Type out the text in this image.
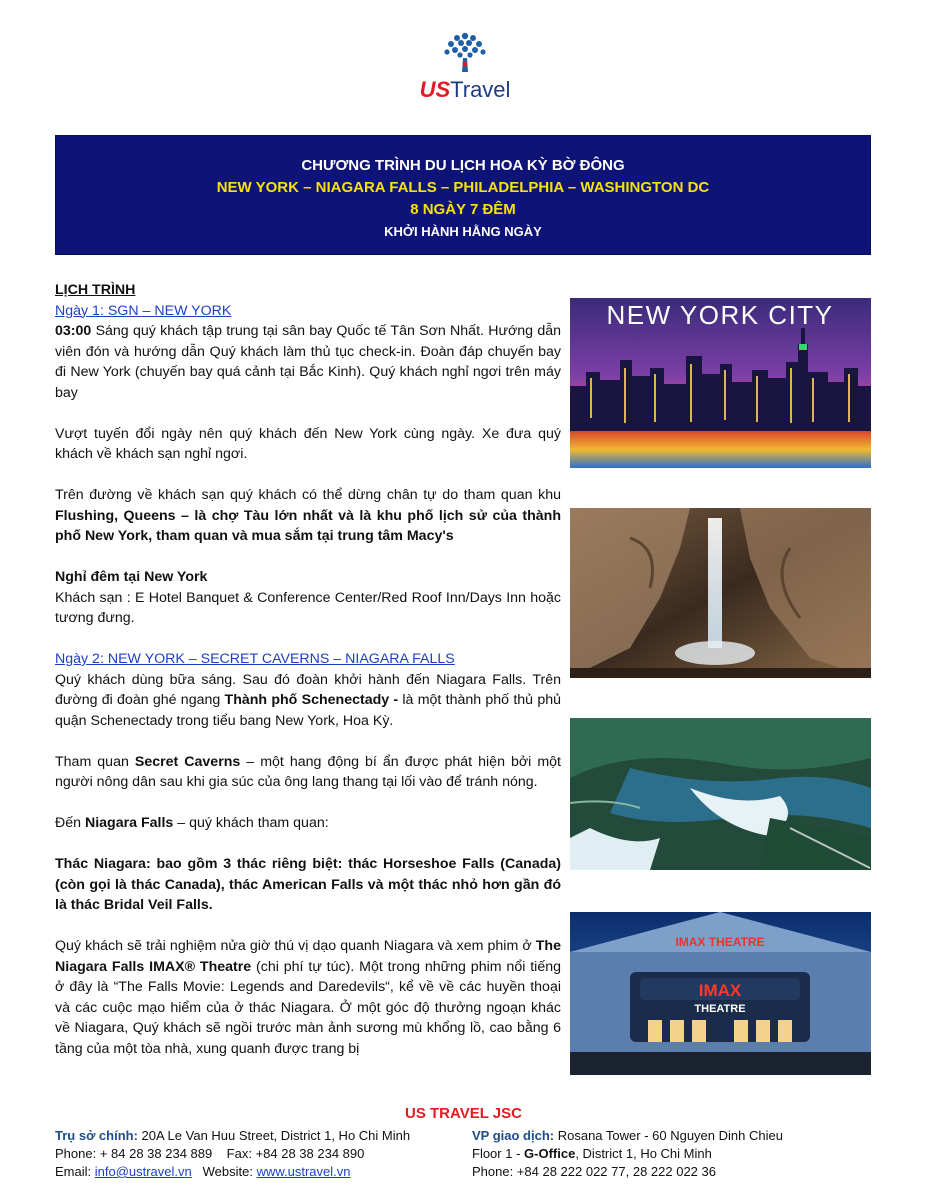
USTravel
CHƯƠNG TRÌNH DU LỊCH HOA KỲ BỜ ĐÔNG
NEW YORK – NIAGARA FALLS – PHILADELPHIA – WASHINGTON DC
8 NGÀY 7 ĐÊM
KHỞI HÀNH HẰNG NGÀY

LỊCH TRÌNH

Ngày 1: SGN – NEW YORK

03:00 Sáng quý khách tập trung tại sân bay Quốc tế Tân Sơn Nhất. Hướng dẫn viên đón và hướng dẫn Quý khách làm thủ tục check-in. Đoàn đáp chuyến bay đi New York (chuyến bay quá cảnh tại Bắc Kinh). Quý khách nghỉ ngơi trên máy bay

Vượt tuyến đổi ngày nên quý khách đến New York cùng ngày. Xe đưa quý khách về khách sạn nghỉ ngơi.

Trên đường về khách sạn quý khách có thể dừng chân tự do tham quan khu Flushing, Queens – là chợ Tàu lớn nhất và là khu phố lịch sử của thành phố New York, tham quan và mua sắm tại trung tâm Macy's

Nghỉ đêm tại New York

Khách sạn : E Hotel Banquet & Conference Center/Red Roof Inn/Days Inn hoặc tương đưng.

Ngày 2: NEW YORK – SECRET CAVERNS – NIAGARA FALLS

Quý khách dùng bữa sáng. Sau đó đoàn khởi hành đến Niagara Falls. Trên đường đi đoàn ghé ngang Thành phố Schenectady - là một thành phố thủ phủ quận Schenectady trong tiểu bang New York, Hoa Kỳ.

Tham quan Secret Caverns – một hang động bí ẩn được phát hiện bởi một người nông dân sau khi gia súc của ông lang thang tại lối vào để tránh nóng.

Đến Niagara Falls – quý khách tham quan:

Thác Niagara: bao gồm 3 thác riêng biệt: thác Horseshoe Falls (Canada) (còn gọi là thác Canada), thác American Falls và một thác nhỏ hơn gần đó là thác Bridal Veil Falls.

Quý khách sẽ trải nghiệm nửa giờ thú vị dạo quanh Niagara và xem phim ở The Niagara Falls IMAX® Theatre (chi phí tự túc). Một trong những phim nổi tiếng ở đây là “The Falls Movie: Legends and Daredevils“, kể về về các huyền thoại và các cuộc mạo hiểm của ở thác Niagara. Ở một góc độ thưởng ngoạn khác về Niagara, Quý khách sẽ ngồi trước màn ảnh sương mù khổng lồ, cao bằng 6 tầng của một tòa nhà, xung quanh được trang bị

NEW YORK CITY
IMAX THEATRE
IMAX
THEATRE
US TRAVEL JSC
Trụ sở chính: 20A Le Van Huu Street, District 1, Ho Chi Minh
Phone: + 84 28 38 234 889    Fax: +84 28 38 234 890
Email: info@ustravel.vn   Website: www.ustravel.vn
VP giao dịch: Rosana Tower - 60 Nguyen Dinh Chieu
Floor 1 - G-Office, District 1, Ho Chi Minh
Phone: +84 28 222 022 77, 28 222 022 36
